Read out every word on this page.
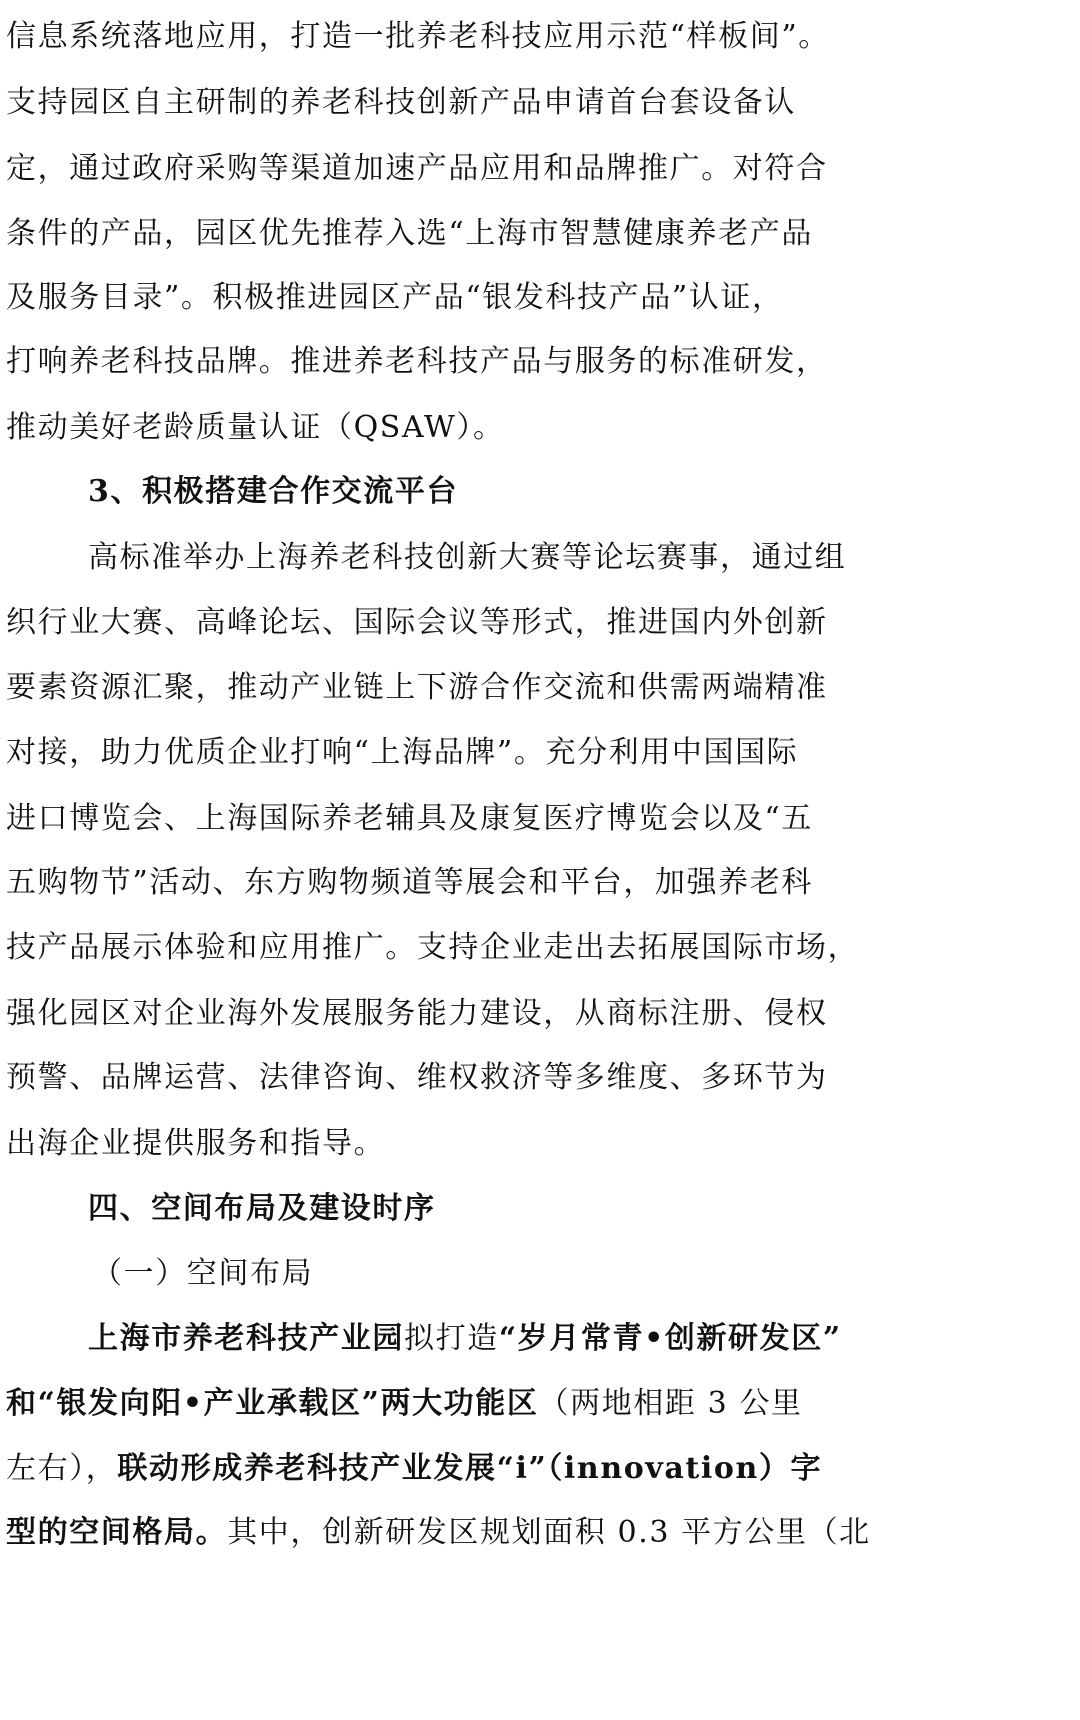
信息系统落地应用，打造一批养老科技应用示范“样板间”。
支持园区自主研制的养老科技创新产品申请首台套设备认
定，通过政府采购等渠道加速产品应用和品牌推广。对符合
条件的产品，园区优先推荐入选“上海市智慧健康养老产品
及服务目录”。积极推进园区产品“银发科技产品”认证，
打响养老科技品牌。推进养老科技产品与服务的标准研发，
推动美好老龄质量认证（QSAW）。
3、积极搭建合作交流平台
高标准举办上海养老科技创新大赛等论坛赛事，通过组
织行业大赛、高峰论坛、国际会议等形式，推进国内外创新
要素资源汇聚，推动产业链上下游合作交流和供需两端精准
对接，助力优质企业打响“上海品牌”。充分利用中国国际
进口博览会、上海国际养老辅具及康复医疗博览会以及“五
五购物节”活动、东方购物频道等展会和平台，加强养老科
技产品展示体验和应用推广。支持企业走出去拓展国际市场，
强化园区对企业海外发展服务能力建设，从商标注册、侵权
预警、品牌运营、法律咨询、维权救济等多维度、多环节为
出海企业提供服务和指导。
四、空间布局及建设时序
（一）空间布局
上海市养老科技产业园拟打造“岁月常青•创新研发区”
和“银发向阳•产业承载区”两大功能区（两地相距 3 公里
左右），联动形成养老科技产业发展“i”（innovation）字
型的空间格局。其中，创新研发区规划面积 0.3 平方公里（北
